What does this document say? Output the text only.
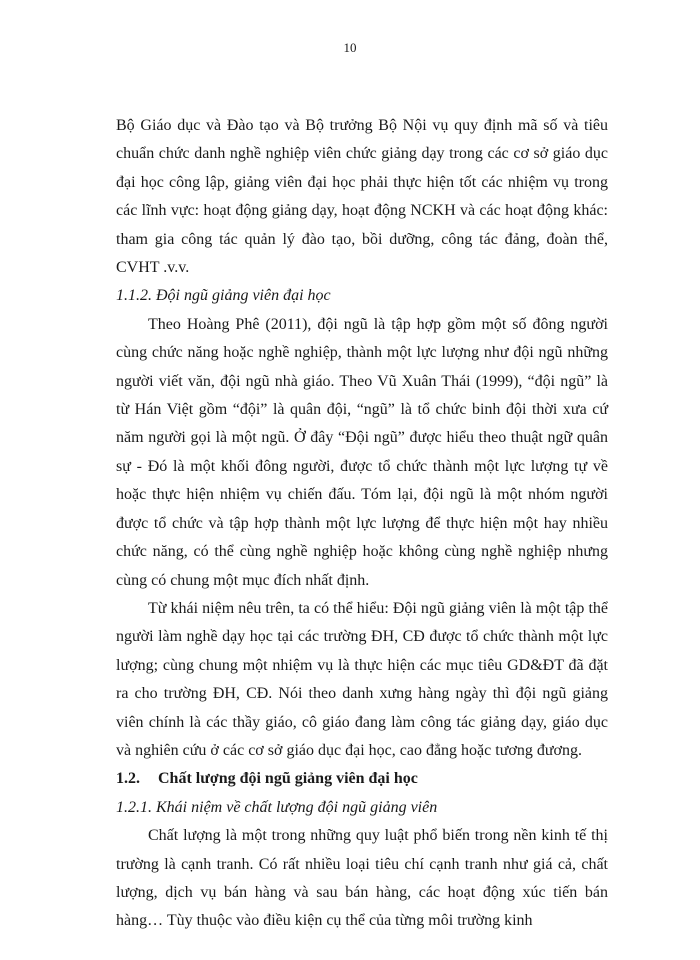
10

Bộ Giáo dục và Đào tạo và Bộ trưởng Bộ Nội vụ quy định mã số và tiêu chuẩn chức danh nghề nghiệp viên chức giảng dạy trong các cơ sở giáo dục đại học công lập, giảng viên đại học phải thực hiện tốt các nhiệm vụ trong các lĩnh vực: hoạt động giảng dạy, hoạt động NCKH và các hoạt động khác: tham gia công tác quản lý đào tạo, bồi dưỡng, công tác đảng, đoàn thể, CVHT .v.v.

1.1.2. Đội ngũ giảng viên đại học

Theo Hoàng Phê (2011), đội ngũ là tập hợp gồm một số đông người cùng chức năng hoặc nghề nghiệp, thành một lực lượng như đội ngũ những người viết văn, đội ngũ nhà giáo. Theo Vũ Xuân Thái (1999), “đội ngũ” là từ Hán Việt gồm “đội” là quân đội, “ngũ” là tổ chức binh đội thời xưa cứ năm người gọi là một ngũ. Ở đây “Đội ngũ” được hiểu theo thuật ngữ quân sự - Đó là một khối đông người, được tổ chức thành một lực lượng tự về hoặc thực hiện nhiệm vụ chiến đấu. Tóm lại, đội ngũ là một nhóm người được tổ chức và tập hợp thành một lực lượng để thực hiện một hay nhiều chức năng, có thể cùng nghề nghiệp hoặc không cùng nghề nghiệp nhưng cùng có chung một mục đích nhất định.

Từ khái niệm nêu trên, ta có thể hiểu: Đội ngũ giảng viên là một tập thể người làm nghề dạy học tại các trường ĐH, CĐ được tổ chức thành một lực lượng; cùng chung một nhiệm vụ là thực hiện các mục tiêu GD&ĐT đã đặt ra cho trường ĐH, CĐ. Nói theo danh xưng hàng ngày thì đội ngũ giảng viên chính là các thầy giáo, cô giáo đang làm công tác giảng dạy, giáo dục và nghiên cứu ở các cơ sở giáo dục đại học, cao đẳng hoặc tương đương.

1.2. Chất lượng đội ngũ giảng viên đại học

1.2.1. Khái niệm về chất lượng đội ngũ giảng viên

Chất lượng là một trong những quy luật phổ biến trong nền kinh tế thị trường là cạnh tranh. Có rất nhiều loại tiêu chí cạnh tranh như giá cả, chất lượng, dịch vụ bán hàng và sau bán hàng, các hoạt động xúc tiến bán hàng… Tùy thuộc vào điều kiện cụ thể của từng môi trường kinh
